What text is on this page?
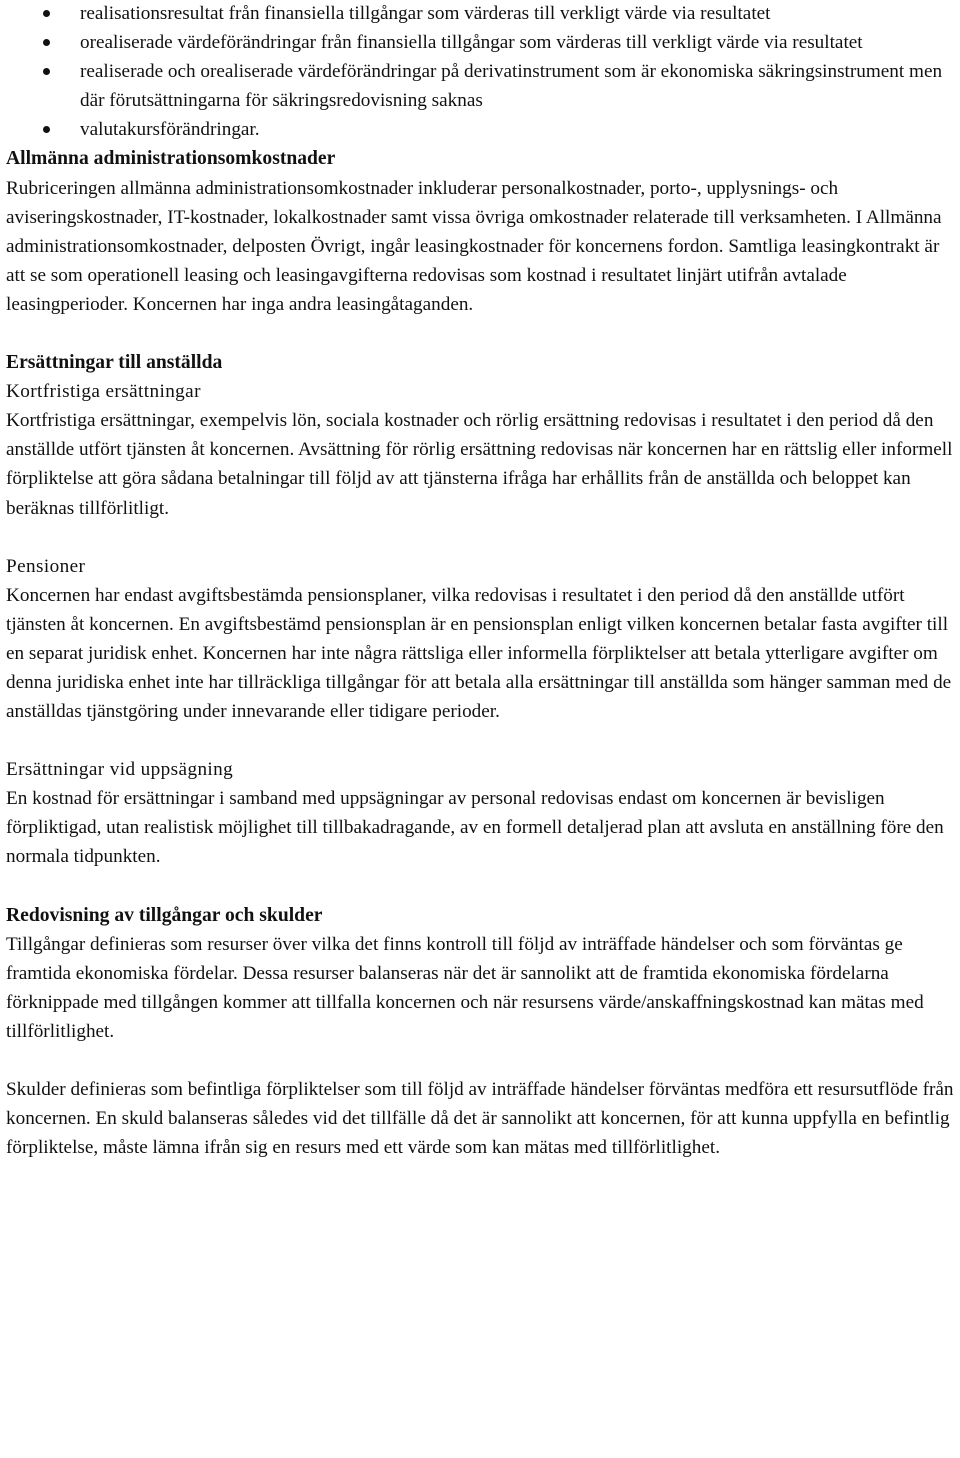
realisationsresultat från finansiella tillgångar som värderas till verkligt värde via resultatet
orealiserade värdeförändringar från finansiella tillgångar som värderas till verkligt värde via resultatet
realiserade och orealiserade värdeförändringar på derivatinstrument som är ekonomiska säkringsinstrument men där förutsättningarna för säkringsredovisning saknas
valutakursförändringar.
Allmänna administrationsomkostnader

Rubriceringen allmänna administrationsomkostnader inkluderar personalkostnader, porto-, upplysnings- och aviseringskostnader, IT-kostnader, lokalkostnader samt vissa övriga omkostnader relaterade till verksamheten. I Allmänna administrationsomkostnader, delposten Övrigt, ingår leasingkostnader för koncernens fordon. Samtliga leasingkontrakt är att se som operationell leasing och leasingavgifterna redovisas som kostnad i resultatet linjärt utifrån avtalade leasingperioder. Koncernen har inga andra leasingåtaganden.

Ersättningar till anställda
Kortfristiga ersättningar

Kortfristiga ersättningar, exempelvis lön, sociala kostnader och rörlig ersättning redovisas i resultatet i den period då den anställde utfört tjänsten åt koncernen. Avsättning för rörlig ersättning redovisas när koncernen har en rättslig eller informell förpliktelse att göra sådana betalningar till följd av att tjänsterna ifråga har erhållits från de anställda och beloppet kan beräknas tillförlitligt.

Pensioner

Koncernen har endast avgiftsbestämda pensionsplaner, vilka redovisas i resultatet i den period då den anställde utfört tjänsten åt koncernen. En avgiftsbestämd pensionsplan är en pensionsplan enligt vilken koncernen betalar fasta avgifter till en separat juridisk enhet. Koncernen har inte några rättsliga eller informella förpliktelser att betala ytterligare avgifter om denna juridiska enhet inte har tillräckliga tillgångar för att betala alla ersättningar till anställda som hänger samman med de anställdas tjänstgöring under innevarande eller tidigare perioder.

Ersättningar vid uppsägning

En kostnad för ersättningar i samband med uppsägningar av personal redovisas endast om koncernen är bevisligen förpliktigad, utan realistisk möjlighet till tillbakadragande, av en formell detaljerad plan att avsluta en anställning före den normala tidpunkten.

Redovisning av tillgångar och skulder

Tillgångar definieras som resurser över vilka det finns kontroll till följd av inträffade händelser och som förväntas ge framtida ekonomiska fördelar. Dessa resurser balanseras när det är sannolikt att de framtida ekonomiska fördelarna förknippade med tillgången kommer att tillfalla koncernen och när resursens värde/anskaffningskostnad kan mätas med tillförlitlighet.

Skulder definieras som befintliga förpliktelser som till följd av inträffade händelser förväntas medföra ett resursutflöde från koncernen. En skuld balanseras således vid det tillfälle då det är sannolikt att koncernen, för att kunna uppfylla en befintlig förpliktelse, måste lämna ifrån sig en resurs med ett värde som kan mätas med tillförlitlighet.
